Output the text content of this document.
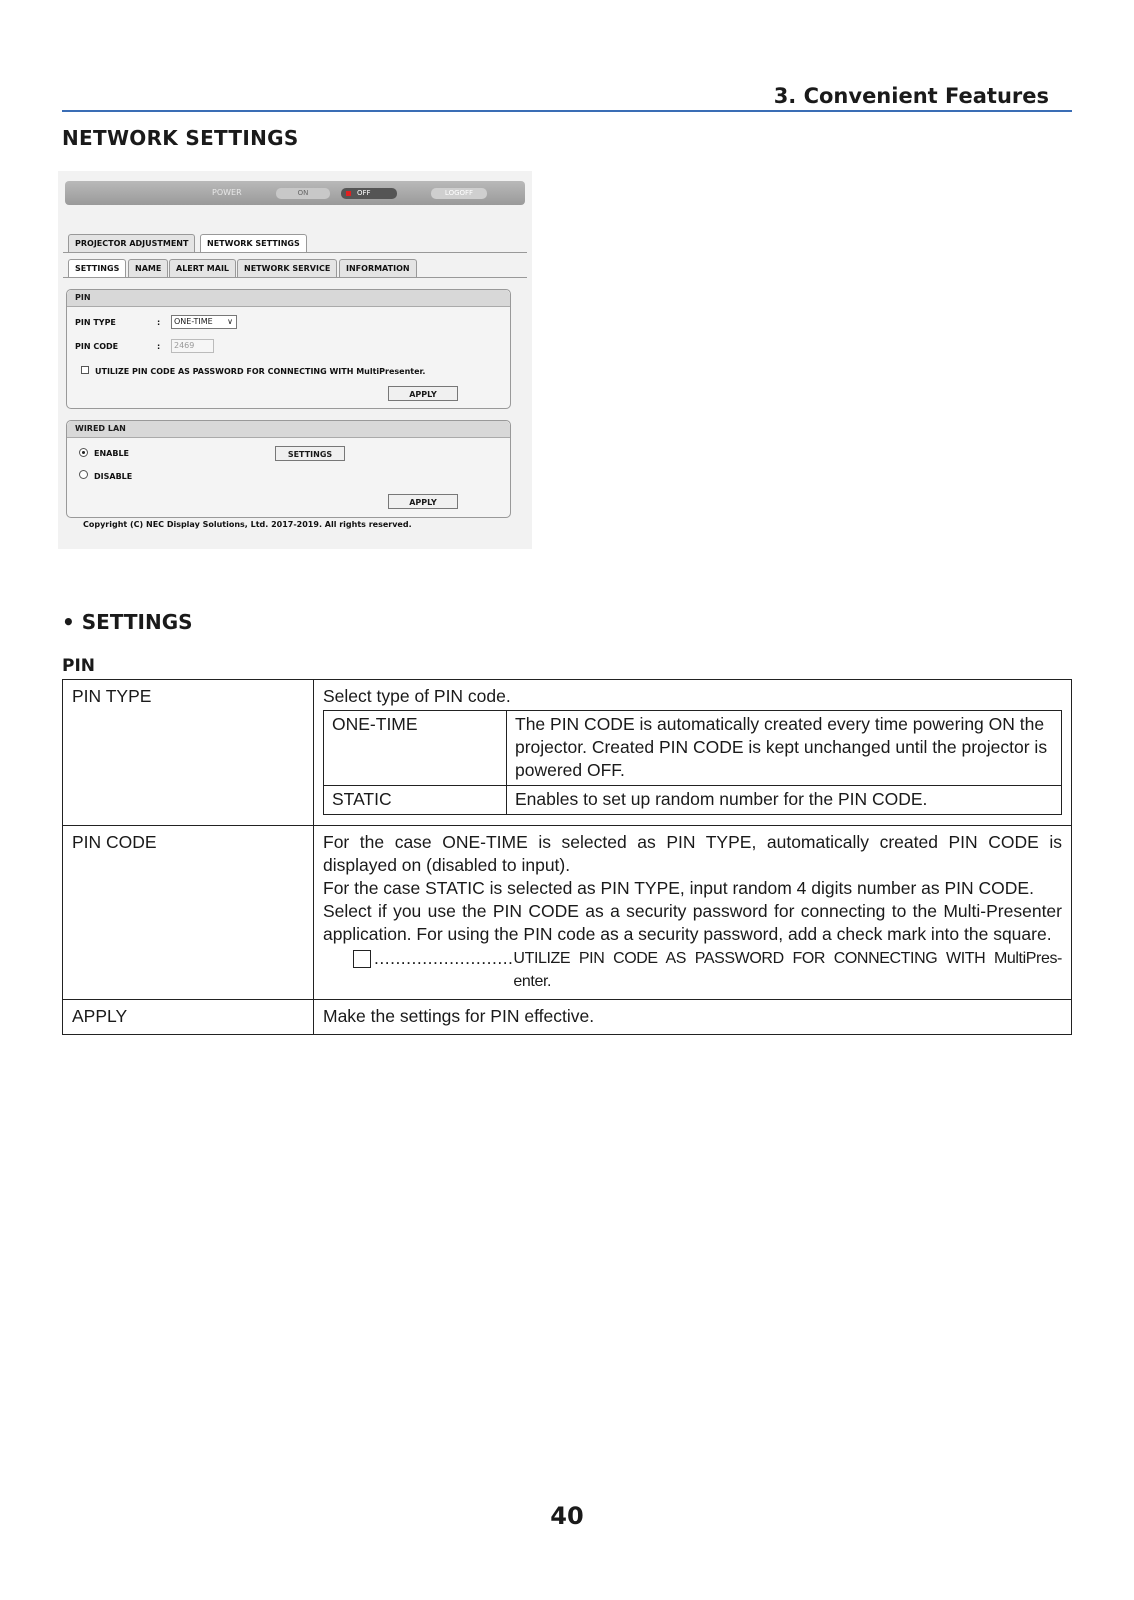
3. Convenient Features
NETWORK SETTINGS
POWER	ON	OFF	LOGOFF
PROJECTOR ADJUSTMENT	NETWORK SETTINGS
SETTINGS	NAME	ALERT MAIL	NETWORK SERVICE	INFORMATION
PIN
PIN TYPE	:	ONE-TIME ∨
PIN CODE	:	2469
UTILIZE PIN CODE AS PASSWORD FOR CONNECTING WITH MultiPresenter.
APPLY
WIRED LAN
ENABLE	SETTINGS
DISABLE
APPLY
Copyright (C) NEC Display Solutions, Ltd. 2017-2019. All rights reserved.
• SETTINGS
PIN
PIN TYPE	Select type of PIN code.
ONE-TIME	The PIN CODE is automatically created every time powering ON the projector. Created PIN CODE is kept unchanged until the projector is powered OFF.
STATIC	Enables to set up random number for the PIN CODE.

PIN CODE	For the case ONE-TIME is selected as PIN TYPE, automatically created PIN CODE is displayed on (disabled to input).
For the case STATIC is selected as PIN TYPE, input random 4 digits number as PIN CODE.
Select if you use the PIN CODE as a security password for connecting to the Multi-Presenter application. For using the PIN code as a security password, add a check mark into the square.
.......................... UTILIZE PIN CODE AS PASSWORD FOR CONNECTING WITH MultiPres-enter.

APPLY	Make the settings for PIN effective.
40
